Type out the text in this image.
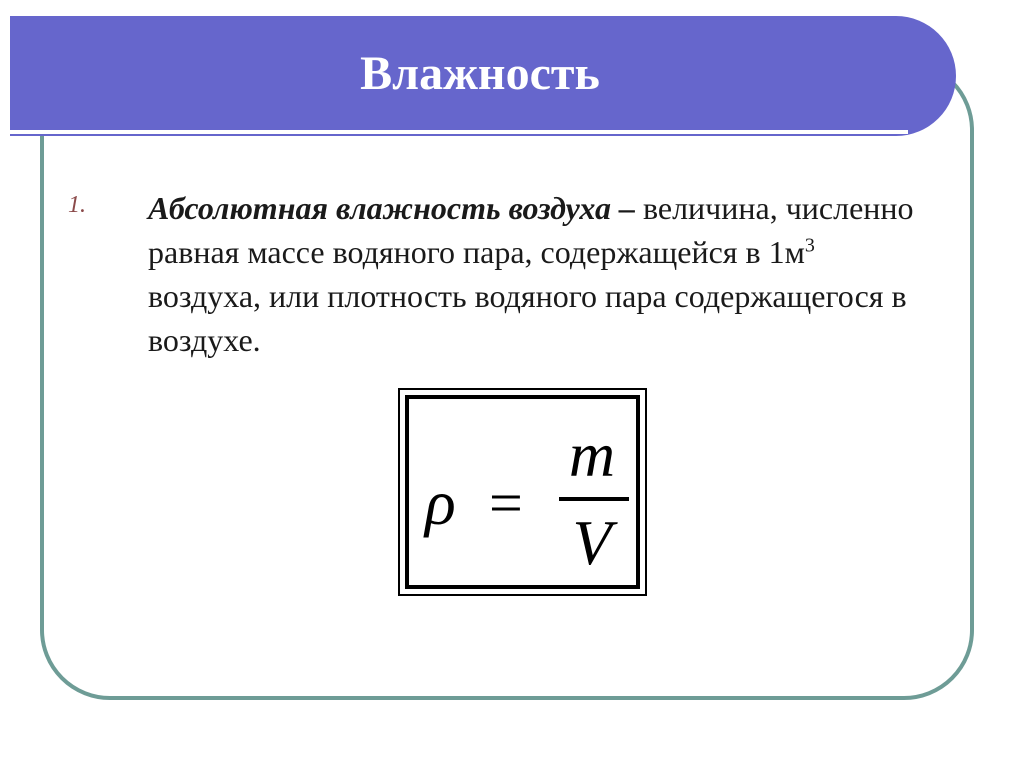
Влажность
1. Абсолютная влажность воздуха – величина, численно равная массе водяного пара, содержащейся в $1м^3$ воздуха, или плотность водяного пара содержащегося в воздухе.
ρ =
m
V
